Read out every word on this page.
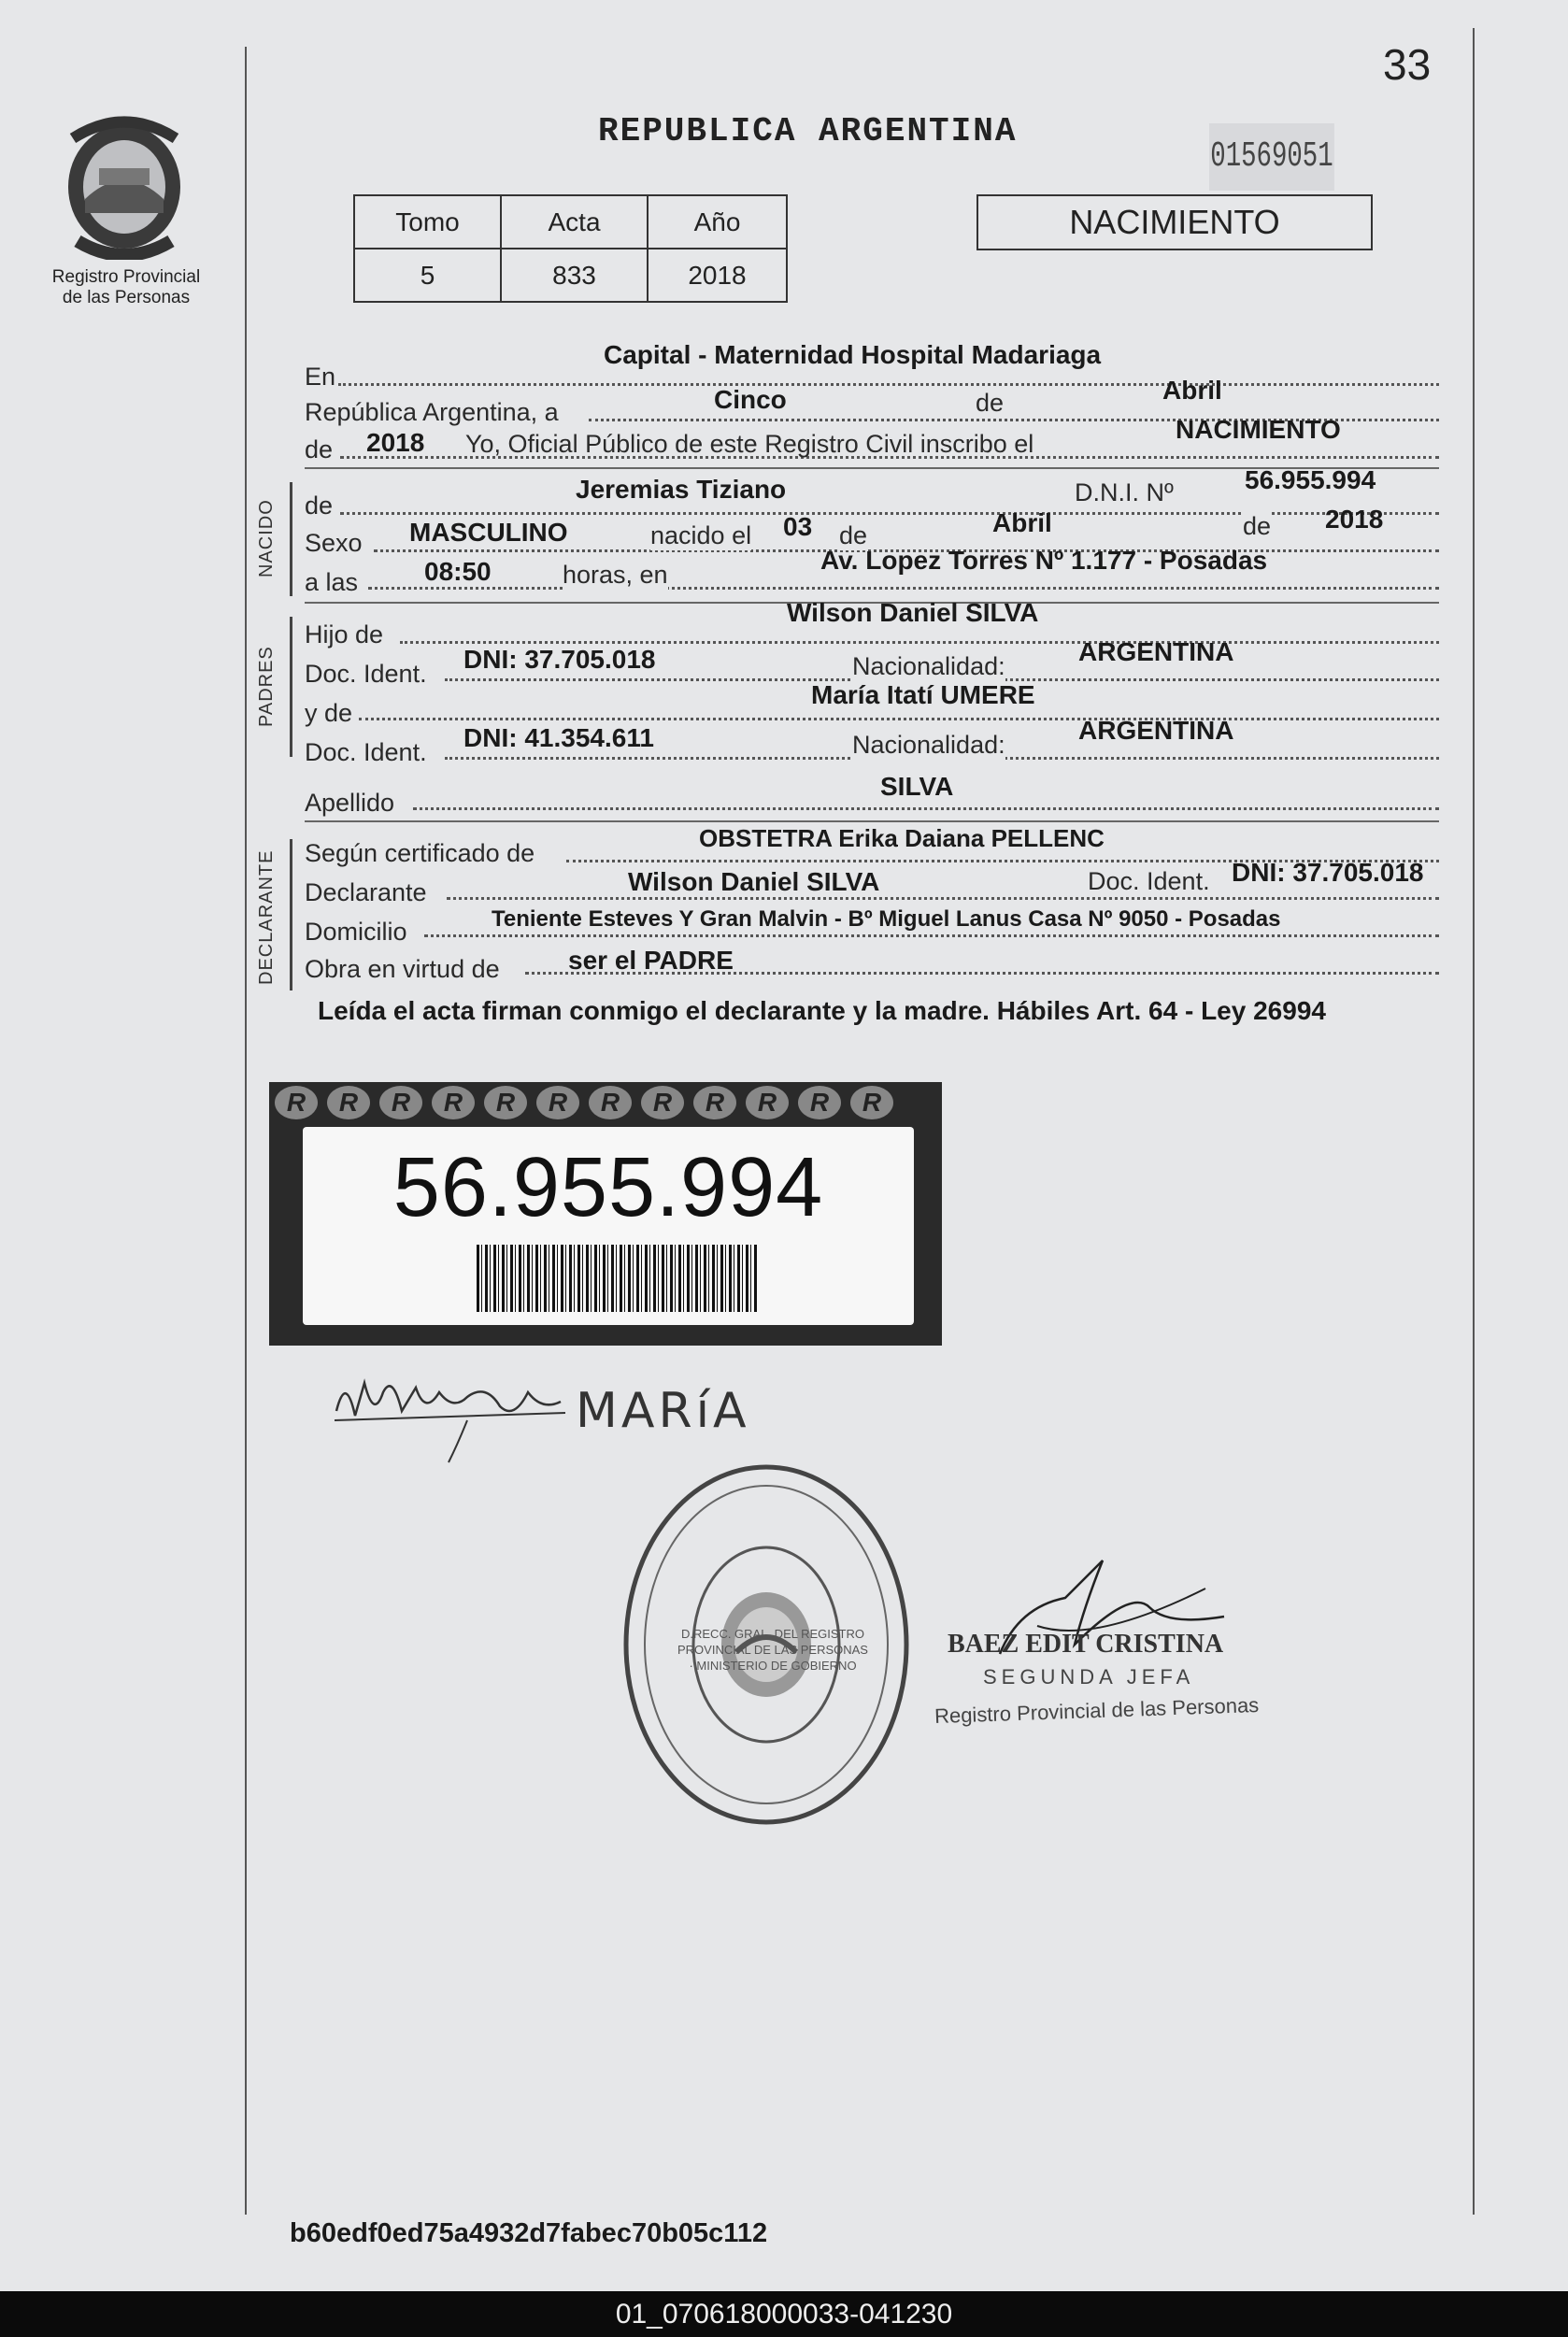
33
Registro Provincial
de las Personas
REPUBLICA ARGENTINA
01569051
Tomo	Acta	Año
5	833	2018
NACIMIENTO
En
Capital - Maternidad Hospital Madariaga
República Argentina, a	Cinco	de	Abril
de 2018 Yo, Oficial Público de este Registro Civil inscribo el	NACIMIENTO
NACIDO de
Jeremias Tiziano	D.N.I. Nº	56.955.994
Sexo MASCULINO	nacido el 03 de	Abril	de 2018
a las	08:50	horas, en	Av. Lopez Torres Nº 1.177 - Posadas
PADRES
Hijo de
Wilson Daniel SILVA
Doc. Ident. DNI: 37.705.018	Nacionalidad:	ARGENTINA
y de
María Itatí UMERE
Doc. Ident. DNI: 41.354.611	Nacionalidad:	ARGENTINA
Apellido
SILVA
DECLARANTE Según certificado de
OBSTETRA Erika Daiana PELLENC
Declarante	Wilson Daniel SILVA	Doc. Ident. DNI: 37.705.018
Domicilio	Teniente Esteves Y Gran Malvin - Bº Miguel Lanus Casa Nº 9050 - Posadas
Obra en virtud de	ser el PADRE
Leída el acta firman conmigo el declarante y la madre. Hábiles Art. 64 - Ley 26994
R	R	R	R	R	R	R	R	R	R	R	R
56.955.994
MARíA
D.RECC. GRAL. DEL REGISTRO PROVINCIAL DE LAS PERSONAS · MINISTERIO DE GOBIERNO
BAEZ EDIT CRISTINA
SEGUNDA JEFA
Registro Provincial de las Personas
b60edf0ed75a4932d7fabec70b05c112
01_070618000033-041230
